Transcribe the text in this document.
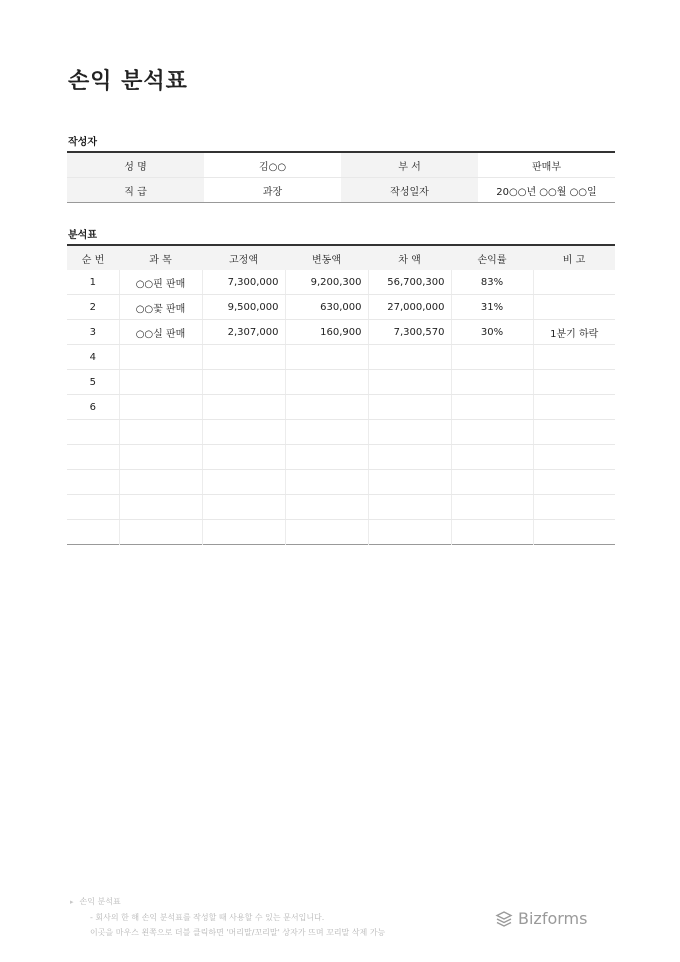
손익 분석표
작성자
성 명	김○○	부 서	판매부
직 급	과장	작성일자	20○○년 ○○월 ○○일
분석표
순 번	과 목	고정액	변동액	차 액	손익률	비 고
1	○○핀 판매	7,300,000	9,200,300	56,700,300	83%	
2	○○꽃 판매	9,500,000	630,000	27,000,000	31%	
3	○○실 판매	2,307,000	160,900	7,300,570	30%	1분기 하락
4						
5						
6						

▸ 손익 분석표
- 회사의 한 해 손익 분석표를 작성할 때 사용할 수 있는 문서입니다.
이곳을 마우스 왼쪽으로 더블 클릭하면 '머리말/꼬리말' 상자가 뜨며 꼬리말 삭제 가능
Bizforms
